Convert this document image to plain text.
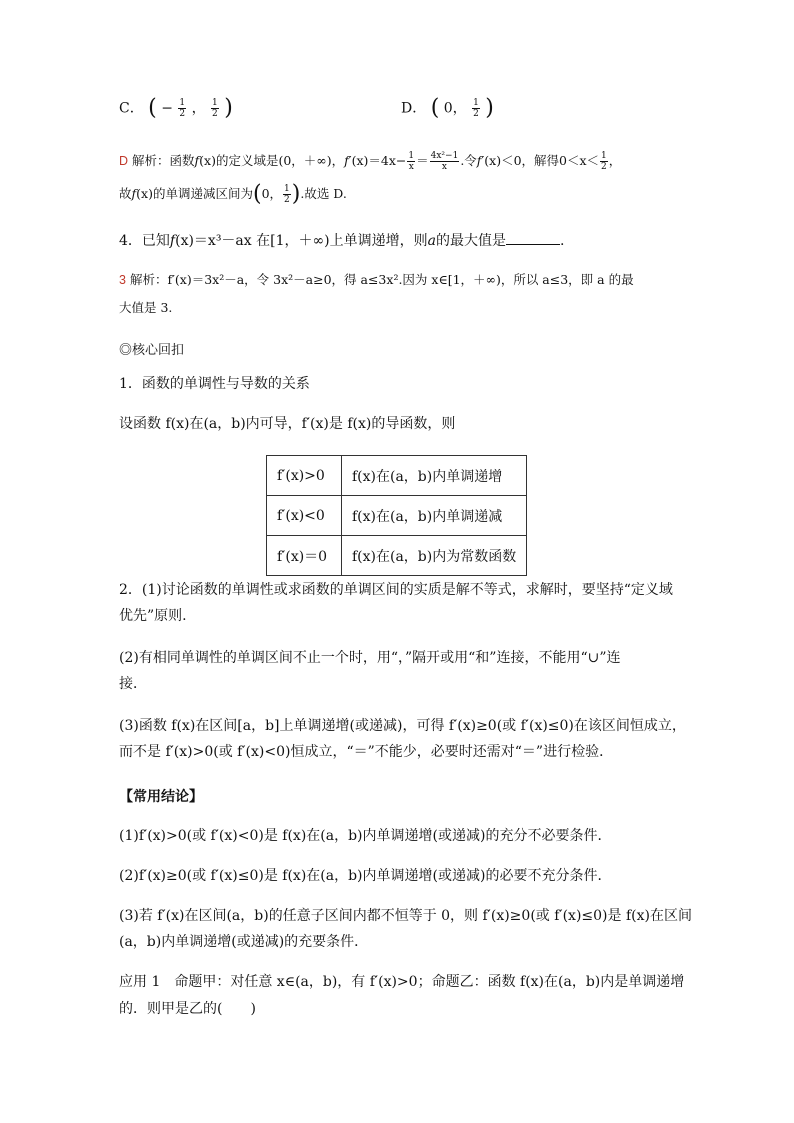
C． ( − $\frac{1}{2}$ ， $\frac{1}{2}$ )	D． ( 0， $\frac{1}{2}$ )
D 解析：函数f(x)的定义域是(0，＋∞)，$f'(x)=4x- \frac{1}{x} = \frac{\text{4x²−1}}{x}$ .令f′(x)＜0，解得$0<x< \frac{1}{2}$ ，
故f(x)的单调递减区间为(0， $\frac{1}{2}$ ).故选 D.
4．已知f(x)＝x³－ax 在[1，＋∞)上单调递增，则a的最大值是	.
3 解析：f′(x)＝3x²－a，令 3x²－a≥0，得 a≤3x².因为 x∈[1，＋∞)，所以 a≤3，即 a 的最
大值是 3.
◎核心回扣
1．函数的单调性与导数的关系
设函数 f(x)在(a，b)内可导，f′(x)是 f(x)的导函数，则
f′(x)>0	f(x)在(a，b)内单调递增
f′(x)<0	f(x)在(a，b)内单调递减
f′(x)＝0	f(x)在(a，b)内为常数函数
2．(1)讨论函数的单调性或求函数的单调区间的实质是解不等式，求解时，要坚持“定义域
优先”原则.
(2)有相同单调性的单调区间不止一个时，用“，”隔开或用“和”连接，不能用“∪”连
接．
(3)函数 f(x)在区间[a，b]上单调递增(或递减)，可得 f′(x)≥0(或 f′(x)≤0)在该区间恒成立，
而不是 f′(x)>0(或 f′(x)<0)恒成立，“＝”不能少，必要时还需对“＝”进行检验．
【常用结论】
(1)f′(x)>0(或 f′(x)<0)是 f(x)在(a，b)内单调递增(或递减)的充分不必要条件．
(2)f′(x)≥0(或 f′(x)≤0)是 f(x)在(a，b)内单调递增(或递减)的必要不充分条件．
(3)若 f′(x)在区间(a，b)的任意子区间内都不恒等于 0，则 f′(x)≥0(或 f′(x)≤0)是 f(x)在区间
(a，b)内单调递增(或递减)的充要条件．
应用 1　命题甲：对任意 x∈(a，b)，有 f′(x)>0；命题乙：函数 f(x)在(a，b)内是单调递增
的．则甲是乙的(　　)
